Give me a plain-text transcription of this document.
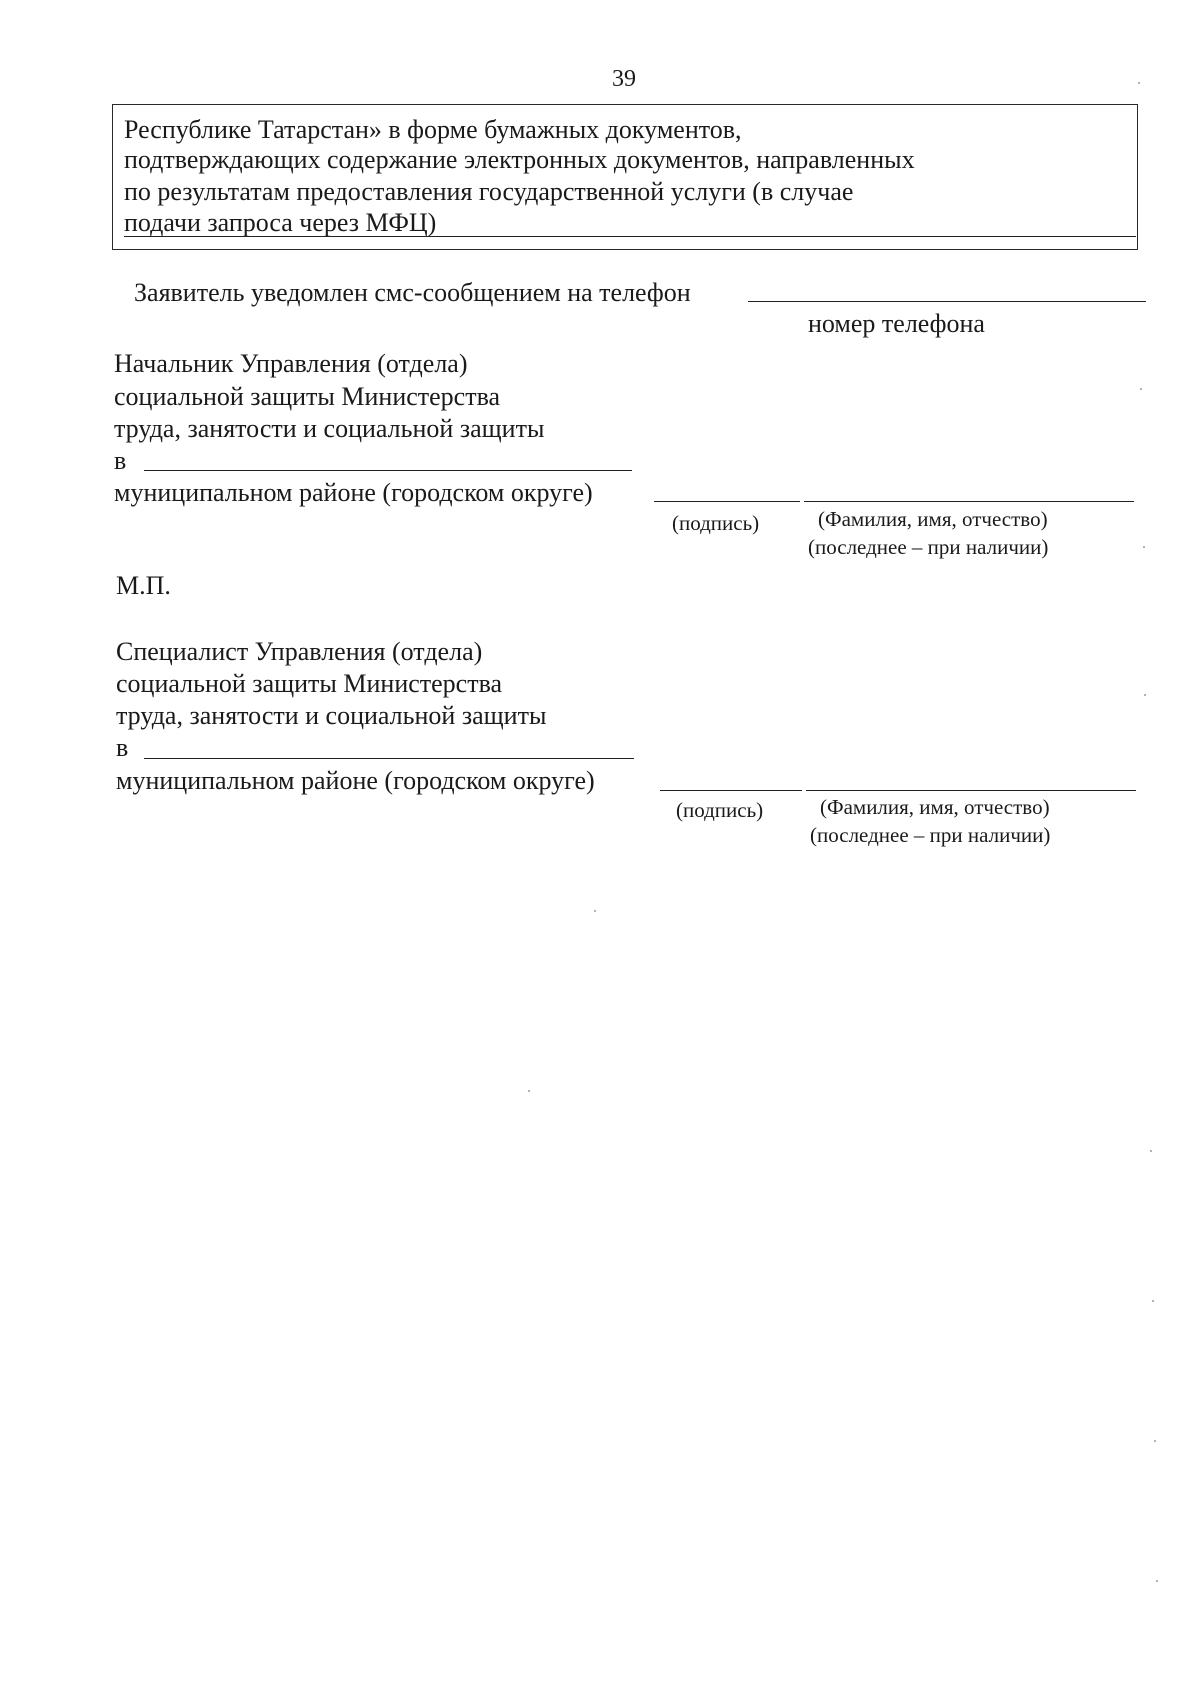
39
Республике Татарстан» в форме бумажных документов,
подтверждающих содержание электронных документов, направленных
по результатам предоставления государственной услуги (в случае
подачи запроса через МФЦ)
Заявитель уведомлен смс-сообщением на телефон
номер телефона
Начальник Управления (отдела)
социальной защиты Министерства
труда, занятости и социальной защиты
в
муниципальном районе (городском округе)
(подпись)	(Фамилия, имя, отчество)
(последнее – при наличии)
М.П.
Специалист Управления (отдела)
социальной защиты Министерства
труда, занятости и социальной защиты
в
муниципальном районе (городском округе)
(подпись)	(Фамилия, имя, отчество)
(последнее – при наличии)
